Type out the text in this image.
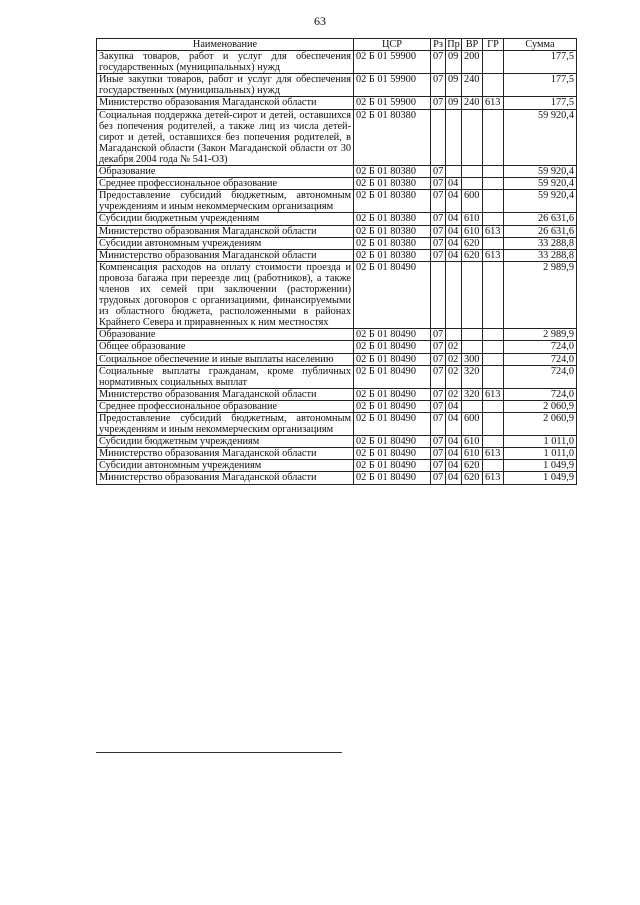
63
Наименование	ЦСР	Рз	Пр	ВР	ГР	Сумма
Закупка товаров, работ и услуг для обеспечения государственных (муниципальных) нужд	02 Б 01 59900	07	09	200		177,5
Иные закупки товаров, работ и услуг для обеспечения государственных (муниципальных) нужд	02 Б 01 59900	07	09	240		177,5
Министерство образования Магаданской области	02 Б 01 59900	07	09	240	613	177,5
Социальная поддержка детей-сирот и детей, оставшихся без попечения родителей, а также лиц из числа детей-сирот и детей, оставшихся без попечения родителей, в Магаданской области (Закон Магаданской области от 30 декабря 2004 года № 541-ОЗ)	02 Б 01 80380					59 920,4
Образование	02 Б 01 80380	07				59 920,4
Среднее профессиональное образование	02 Б 01 80380	07	04			59 920,4
Предоставление субсидий бюджетным, автономным учреждениям и иным некоммерческим организациям	02 Б 01 80380	07	04	600		59 920,4
Субсидии бюджетным учреждениям	02 Б 01 80380	07	04	610		26 631,6
Министерство образования Магаданской области	02 Б 01 80380	07	04	610	613	26 631,6
Субсидии автономным учреждениям	02 Б 01 80380	07	04	620		33 288,8
Министерство образования Магаданской области	02 Б 01 80380	07	04	620	613	33 288,8
Компенсация расходов на оплату стоимости проезда и провоза багажа при переезде лиц (работников), а также членов их семей при заключении (расторжении) трудовых договоров с организациями, финансируемыми из областного бюджета, расположенными в районах Крайнего Севера и приравненных к ним местностях	02 Б 01 80490					2 989,9
Образование	02 Б 01 80490	07				2 989,9
Общее образование	02 Б 01 80490	07	02			724,0
Социальное обеспечение и иные выплаты населению	02 Б 01 80490	07	02	300		724,0
Социальные выплаты гражданам, кроме публичных нормативных социальных выплат	02 Б 01 80490	07	02	320		724,0
Министерство образования Магаданской области	02 Б 01 80490	07	02	320	613	724,0
Среднее профессиональное образование	02 Б 01 80490	07	04			2 060,9
Предоставление субсидий бюджетным, автономным учреждениям и иным некоммерческим организациям	02 Б 01 80490	07	04	600		2 060,9
Субсидии бюджетным учреждениям	02 Б 01 80490	07	04	610		1 011,0
Министерство образования Магаданской области	02 Б 01 80490	07	04	610	613	1 011,0
Субсидии автономным учреждениям	02 Б 01 80490	07	04	620		1 049,9
Министерство образования Магаданской области	02 Б 01 80490	07	04	620	613	1 049,9
